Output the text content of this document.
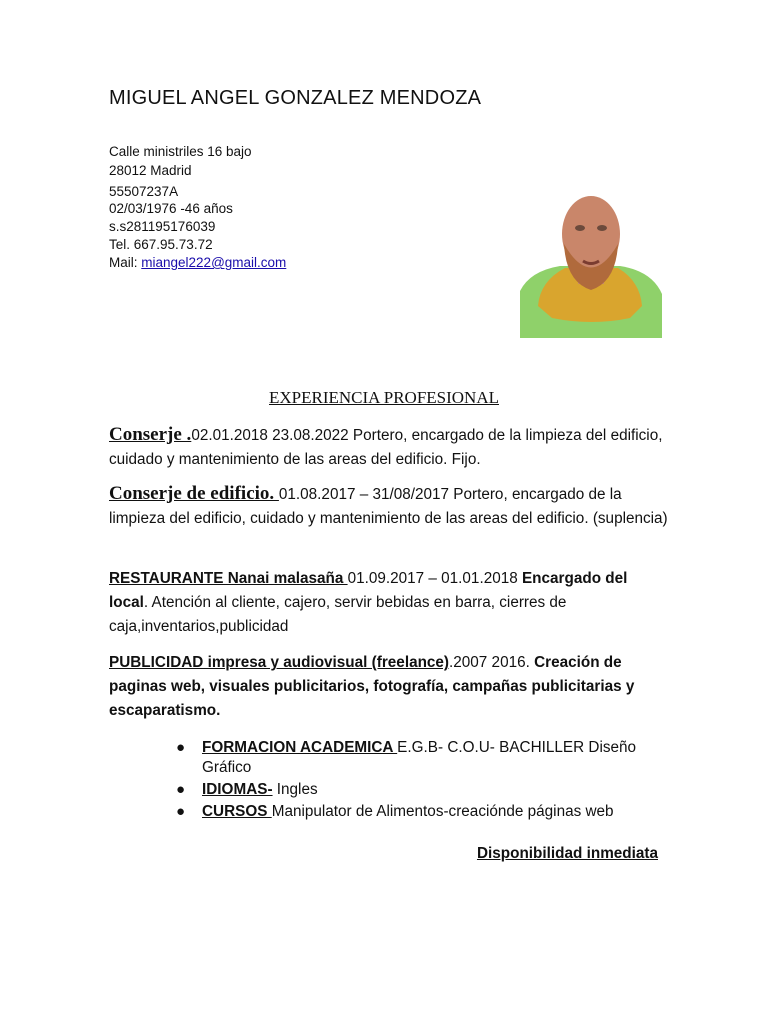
MIGUEL ANGEL GONZALEZ MENDOZA
Calle ministriles 16 bajo
28012 Madrid
55507237A
02/03/1976 -46 años
s.s281195176039
Tel. 667.95.73.72
Mail: miangel222@gmail.com
EXPERIENCIA PROFESIONAL
Conserje .02.01.2018 23.08.2022 Portero, encargado de la limpieza del edificio, cuidado y mantenimiento de las areas del edificio. Fijo.
Conserje de edificio. 01.08.2017 – 31/08/2017 Portero, encargado de la limpieza del edificio, cuidado y mantenimiento de las areas del edificio. (suplencia)
RESTAURANTE Nanai malasaña 01.09.2017 – 01.01.2018 Encargado del local. Atención al cliente, cajero, servir bebidas en barra, cierres de caja,inventarios,publicidad
PUBLICIDAD impresa y audiovisual (freelance).2007 2016. Creación de paginas web, visuales publicitarios, fotografía, campañas publicitarias y escaparatismo.
● FORMACION ACADEMICA E.G.B- C.O.U- BACHILLER Diseño Gráfico
● IDIOMAS- Ingles
● CURSOS Manipulator de Alimentos-creaciónde páginas web
Disponibilidad inmediata
